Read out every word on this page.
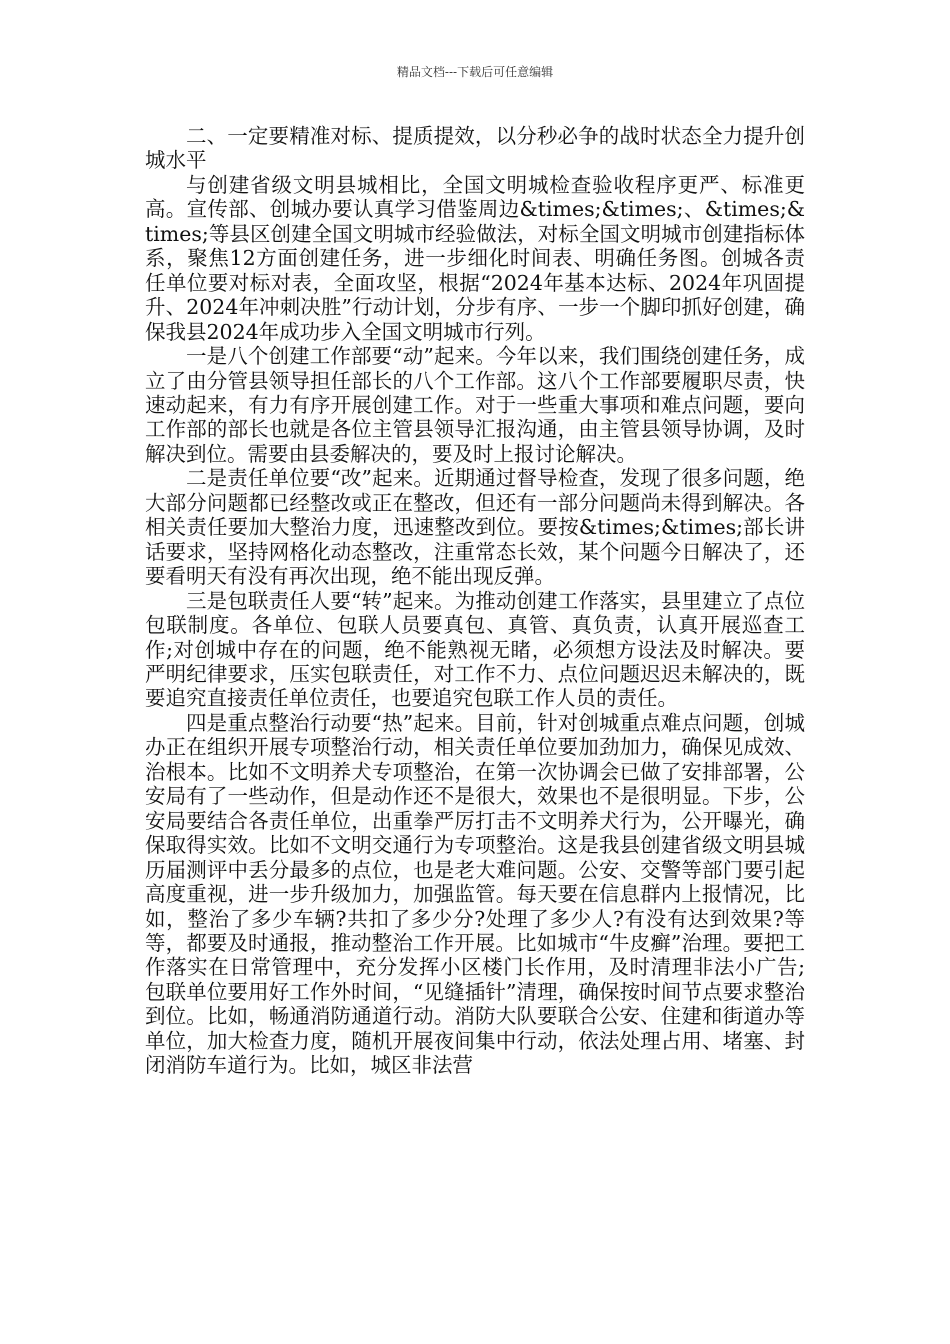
精品文档---下载后可任意编辑

二、一定要精准对标、提质提效，以分秒必争的战时状态全力提升创城水平

与创建省级文明县城相比，全国文明城检查验收程序更严、标准更高。宣传部、创城办要认真学习借鉴周边&times;&times;、&times;&times;等县区创建全国文明城市经验做法，对标全国文明城市创建指标体系，聚焦12方面创建任务，进一步细化时间表、明确任务图。创城各责任单位要对标对表，全面攻坚，根据“2024年基本达标、2024年巩固提升、2024年冲刺决胜”行动计划，分步有序、一步一个脚印抓好创建，确保我县2024年成功步入全国文明城市行列。

一是八个创建工作部要“动”起来。今年以来，我们围绕创建任务，成立了由分管县领导担任部长的八个工作部。这八个工作部要履职尽责，快速动起来，有力有序开展创建工作。对于一些重大事项和难点问题，要向工作部的部长也就是各位主管县领导汇报沟通，由主管县领导协调，及时解决到位。需要由县委解决的，要及时上报讨论解决。

二是责任单位要“改”起来。近期通过督导检查，发现了很多问题，绝大部分问题都已经整改或正在整改，但还有一部分问题尚未得到解决。各相关责任要加大整治力度，迅速整改到位。要按&times;&times;部长讲话要求，坚持网格化动态整改，注重常态长效，某个问题今日解决了，还要看明天有没有再次出现，绝不能出现反弹。

三是包联责任人要“转”起来。为推动创建工作落实，县里建立了点位包联制度。各单位、包联人员要真包、真管、真负责，认真开展巡查工作;对创城中存在的问题，绝不能熟视无睹，必须想方设法及时解决。要严明纪律要求，压实包联责任，对工作不力、点位问题迟迟未解决的，既要追究直接责任单位责任，也要追究包联工作人员的责任。

四是重点整治行动要“热”起来。目前，针对创城重点难点问题，创城办正在组织开展专项整治行动，相关责任单位要加劲加力，确保见成效、治根本。比如不文明养犬专项整治，在第一次协调会已做了安排部署，公安局有了一些动作，但是动作还不是很大，效果也不是很明显。下步，公安局要结合各责任单位，出重拳严厉打击不文明养犬行为，公开曝光，确保取得实效。比如不文明交通行为专项整治。这是我县创建省级文明县城历届测评中丢分最多的点位，也是老大难问题。公安、交警等部门要引起高度重视，进一步升级加力，加强监管。每天要在信息群内上报情况，比如，整治了多少车辆?共扣了多少分?处理了多少人?有没有达到效果?等等，都要及时通报，推动整治工作开展。比如城市“牛皮癣”治理。要把工作落实在日常管理中，充分发挥小区楼门长作用，及时清理非法小广告;包联单位要用好工作外时间，“见缝插针”清理，确保按时间节点要求整治到位。比如，畅通消防通道行动。消防大队要联合公安、住建和街道办等单位，加大检查力度，随机开展夜间集中行动，依法处理占用、堵塞、封闭消防车道行为。比如，城区非法营
